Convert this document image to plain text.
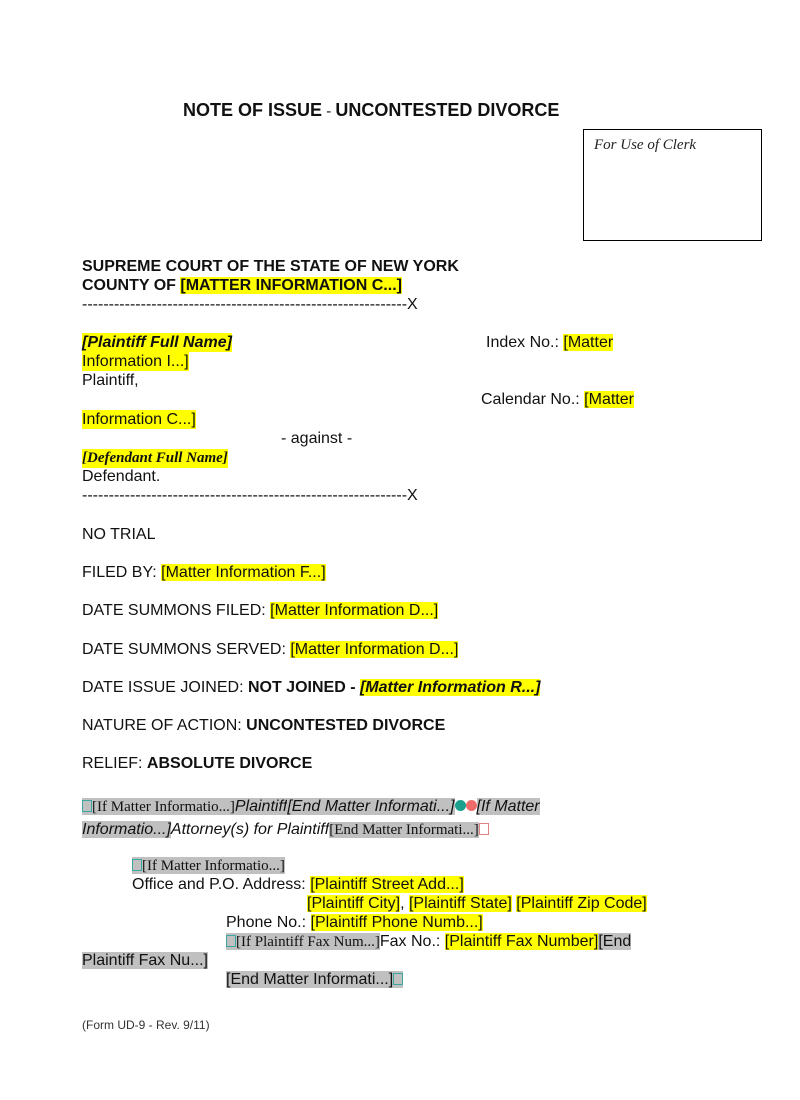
NOTE OF ISSUE - UNCONTESTED DIVORCE
For Use of Clerk
SUPREME COURT OF THE STATE OF NEW YORK
COUNTY OF [MATTER INFORMATION C...]
-------------------------------------------------------------X
[Plaintiff Full Name]	Index No.: [Matter
Information I...]
Plaintiff,
Calendar No.: [Matter
Information C...]
- against -
[Defendant Full Name]
Defendant.
-------------------------------------------------------------X
NO TRIAL
FILED BY: [Matter Information F...]
DATE SUMMONS FILED: [Matter Information D...]
DATE SUMMONS SERVED: [Matter Information D...]
DATE ISSUE JOINED: NOT JOINED - [Matter Information R...]
NATURE OF ACTION: UNCONTESTED DIVORCE
RELIEF: ABSOLUTE DIVORCE
[If Matter Informatio...]Plaintiff[End Matter Informati...] [If Matter
Informatio...]Attorney(s) for Plaintiff[End Matter Informati...]
[If Matter Informatio...]
Office and P.O. Address: [Plaintiff Street Add...]
[Plaintiff City], [Plaintiff State] [Plaintiff Zip Code]
Phone No.: [Plaintiff Phone Numb...]
[If Plaintiff Fax Num...]Fax No.: [Plaintiff Fax Number][End
Plaintiff Fax Nu...]
[End Matter Informati...]
(Form UD-9 - Rev. 9/11)
